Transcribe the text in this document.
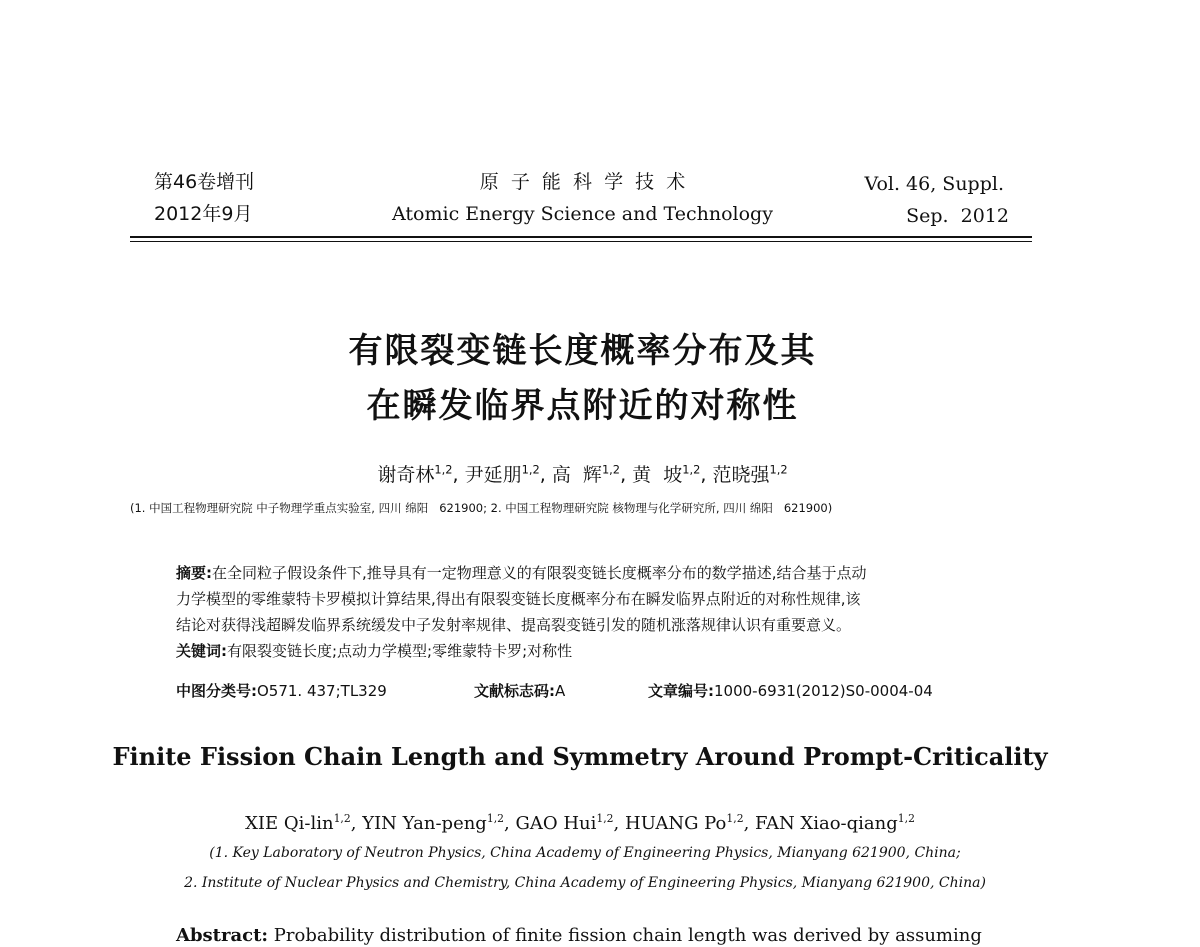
第46卷增刊
2012年9月
原  子  能  科  学  技  术
Atomic Energy Science and Technology
Vol. 46, Suppl.
Sep.  2012
有限裂变链长度概率分布及其
在瞬发临界点附近的对称性
谢奇林$^{1,2}$, 尹延朋$^{1,2}$, 高  辉$^{1,2}$, 黄  坡$^{1,2}$, 范晓强$^{1,2}$
(1. 中国工程物理研究院 中子物理学重点实验室, 四川 绵阳   621900; 2. 中国工程物理研究院 核物理与化学研究所, 四川 绵阳   621900)
摘要:在全同粒子假设条件下,推导具有一定物理意义的有限裂变链长度概率分布的数学描述,结合基于点动
力学模型的零维蒙特卡罗模拟计算结果,得出有限裂变链长度概率分布在瞬发临界点附近的对称性规律,该
结论对获得浅超瞬发临界系统缓发中子发射率规律、提高裂变链引发的随机涨落规律认识有重要意义。
关键词:有限裂变链长度;点动力学模型;零维蒙特卡罗;对称性
中图分类号:O571. 437;TL329	文献标志码:A	文章编号:1000-6931(2012)S0-0004-04
Finite Fission Chain Length and Symmetry Around Prompt-Criticality
XIE Qi-lin$^{1,2}$, YIN Yan-peng$^{1,2}$, GAO Hui$^{1,2}$, HUANG Po$^{1,2}$, FAN Xiao-qiang$^{1,2}$
(1. Key Laboratory of Neutron Physics, China Academy of Engineering Physics, Mianyang 621900, China;
2. Institute of Nuclear Physics and Chemistry, China Academy of Engineering Physics, Mianyang 621900, China)
Abstract: Probability distribution of finite fission chain length was derived by assuming
